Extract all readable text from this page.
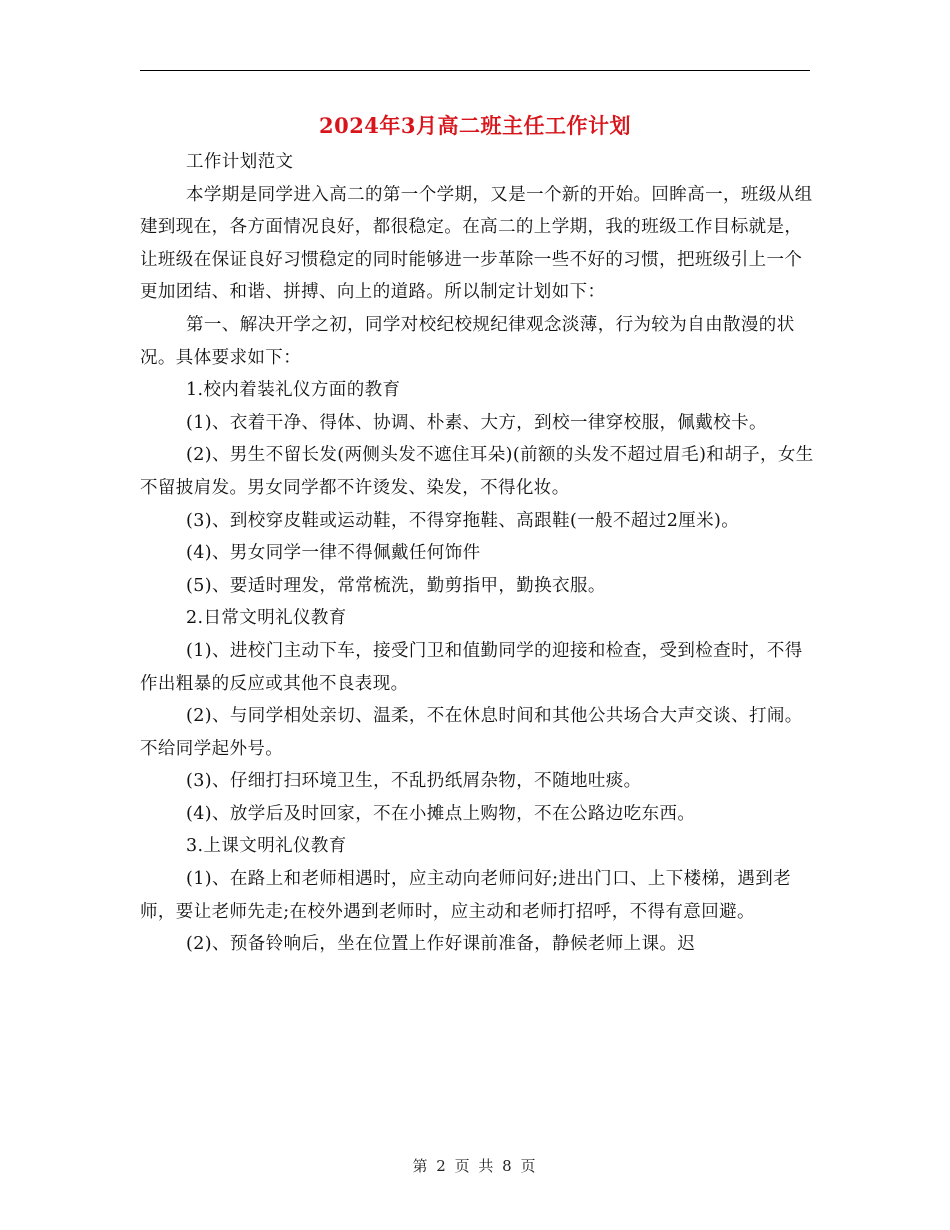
2024年3月高二班主任工作计划

工作计划范文

本学期是同学进入高二的第一个学期，又是一个新的开始。回眸高一，班级从组建到现在，各方面情况良好，都很稳定。在高二的上学期，我的班级工作目标就是，让班级在保证良好习惯稳定的同时能够进一步革除一些不好的习惯，把班级引上一个更加团结、和谐、拼搏、向上的道路。所以制定计划如下：

第一、解决开学之初，同学对校纪校规纪律观念淡薄，行为较为自由散漫的状况。具体要求如下：

1.校内着装礼仪方面的教育

(1)、衣着干净、得体、协调、朴素、大方，到校一律穿校服，佩戴校卡。

(2)、男生不留长发(两侧头发不遮住耳朵)(前额的头发不超过眉毛)和胡子，女生不留披肩发。男女同学都不许烫发、染发，不得化妆。

(3)、到校穿皮鞋或运动鞋，不得穿拖鞋、高跟鞋(一般不超过2厘米)。

(4)、男女同学一律不得佩戴任何饰件

(5)、要适时理发，常常梳洗，勤剪指甲，勤换衣服。

2.日常文明礼仪教育

(1)、进校门主动下车，接受门卫和值勤同学的迎接和检查，受到检查时，不得作出粗暴的反应或其他不良表现。

(2)、与同学相处亲切、温柔，不在休息时间和其他公共场合大声交谈、打闹。不给同学起外号。

(3)、仔细打扫环境卫生，不乱扔纸屑杂物，不随地吐痰。

(4)、放学后及时回家，不在小摊点上购物，不在公路边吃东西。

3.上课文明礼仪教育

(1)、在路上和老师相遇时，应主动向老师问好;进出门口、上下楼梯，遇到老师，要让老师先走;在校外遇到老师时，应主动和老师打招呼，不得有意回避。

(2)、预备铃响后，坐在位置上作好课前准备，静候老师上课。迟

第 2 页 共 8 页
